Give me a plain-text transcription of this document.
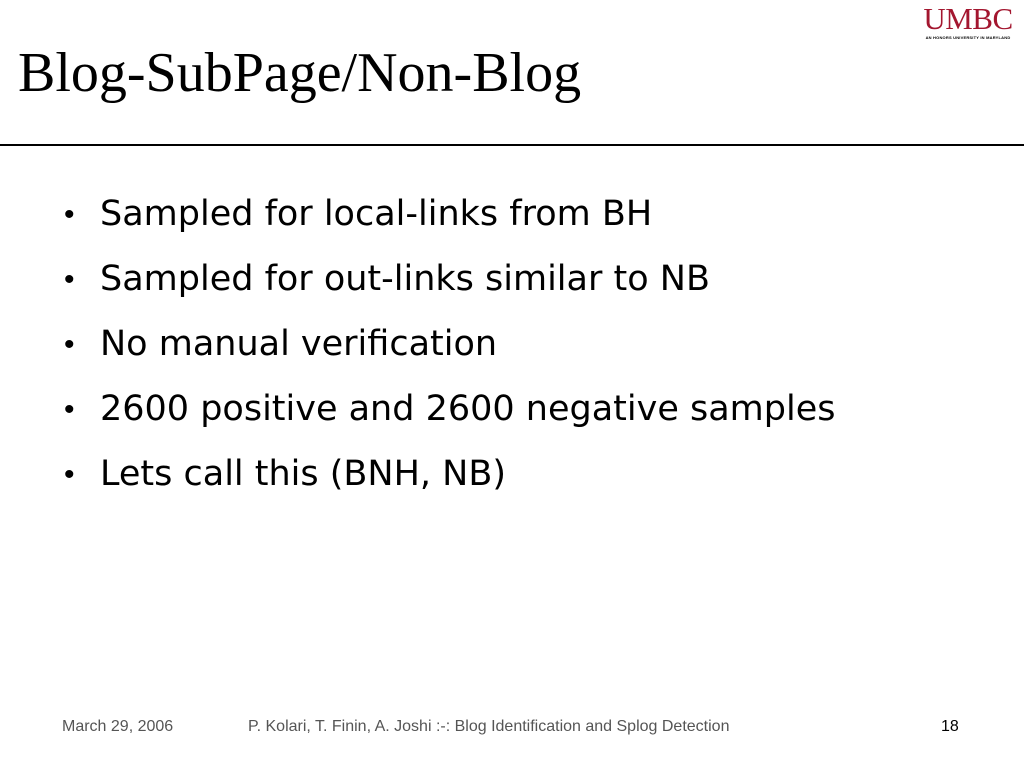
UMBC
AN HONORS UNIVERSITY IN MARYLAND
Blog-SubPage/Non-Blog
• Sampled for local-links from BH
• Sampled for out-links similar to NB
• No manual verification
• 2600 positive and 2600 negative samples
• Lets call this (BNH, NB)
March 29, 2006	P. Kolari, T. Finin, A. Joshi :-: Blog Identification and Splog Detection	18
